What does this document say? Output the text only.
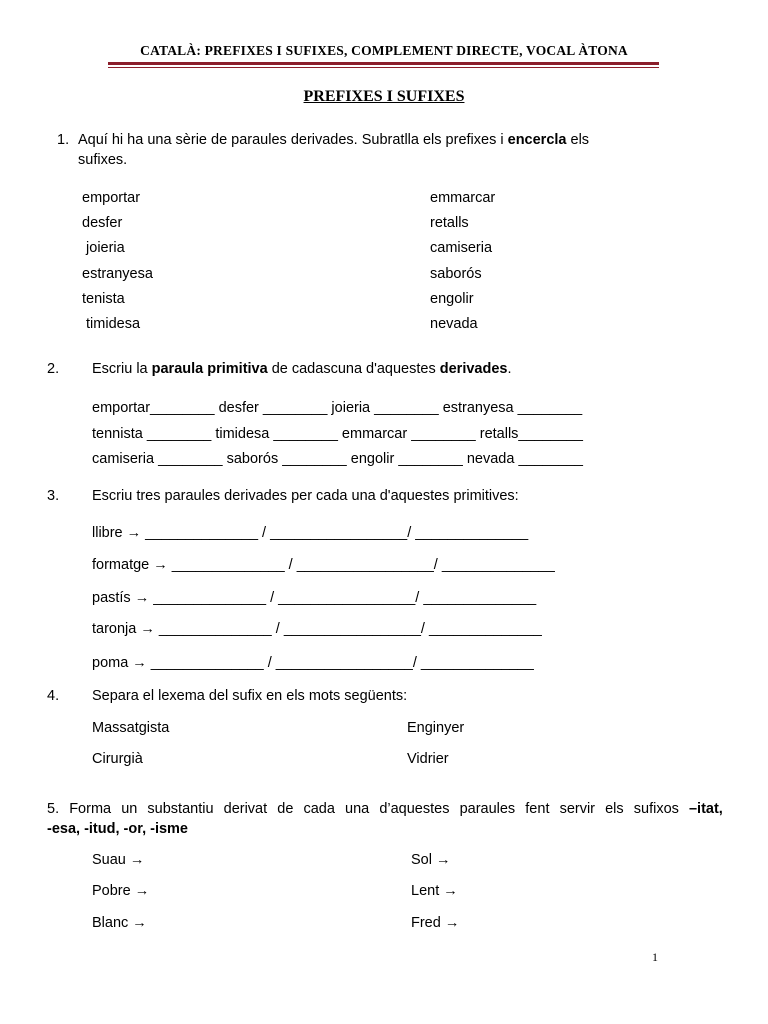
CATALÀ: PREFIXES I SUFIXES, COMPLEMENT DIRECTE, VOCAL ÀTONA
PREFIXES I SUFIXES
1. Aquí hi ha una sèrie de paraules derivades. Subratlla els prefixes i encercla els
sufixes.
emportar
desfer
joieria
estranyesa
tenista
timidesa
emmarcar
retalls
camiseria
saborós
engolir
nevada
2. Escriu la paraula primitiva de cadascuna d'aquestes derivades.
emportar________ desfer ________ joieria ________ estranyesa ________
tennista ________ timidesa ________ emmarcar ________ retalls________
camiseria ________ saborós ________ engolir ________ nevada ________
3. Escriu tres paraules derivades per cada una d'aquestes primitives:
llibre → ______________ / _________________/ ______________
formatge → ______________ / _________________/ ______________
pastís → ______________ / _________________/ ______________
taronja → ______________ / _________________/ ______________
poma → ______________ / _________________/ ______________
4. Separa el lexema del sufix en els mots següents:
Massatgista
Cirurgià
Enginyer
Vidrier
5. Forma un substantiu derivat de cada una d’aquestes paraules fent servir els sufixos –itat,
-esa, -itud, -or, -isme
Suau →
Pobre →
Blanc →
Sol →
Lent →
Fred →
1
